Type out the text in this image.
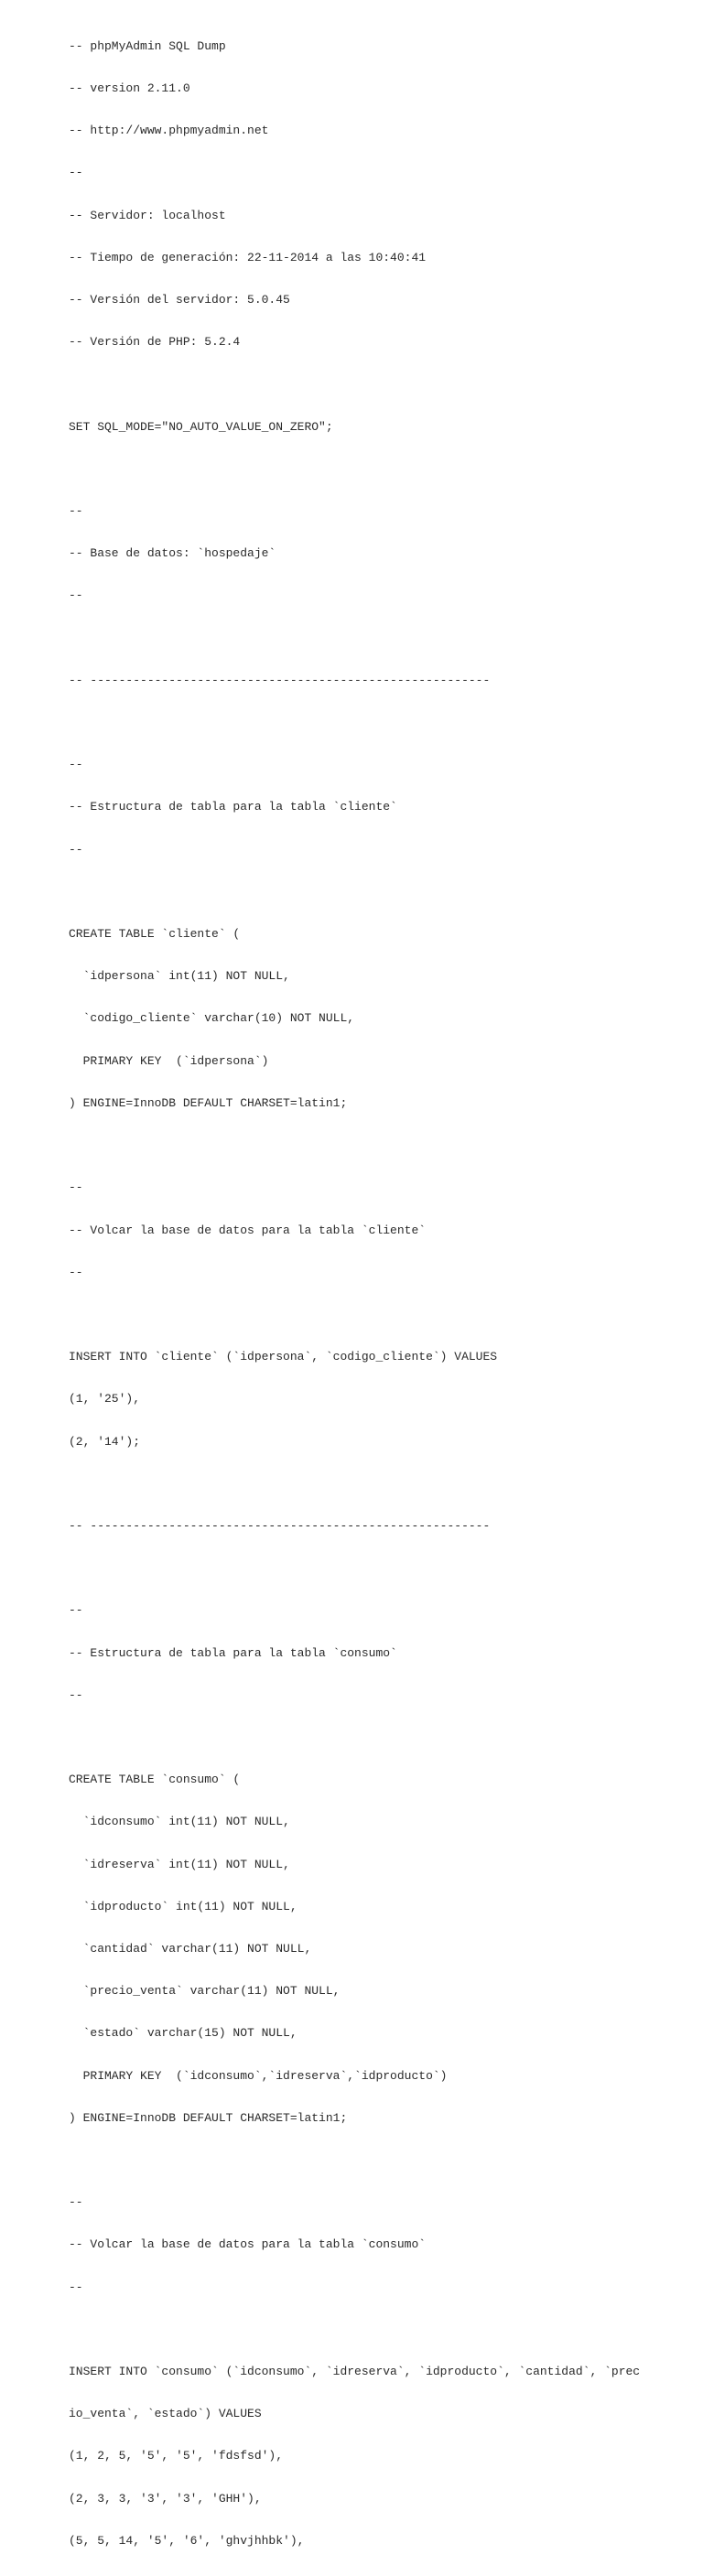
-- phpMyAdmin SQL Dump

-- version 2.11.0

-- http://www.phpmyadmin.net

--

-- Servidor: localhost

-- Tiempo de generación: 22-11-2014 a las 10:40:41

-- Versión del servidor: 5.0.45

-- Versión de PHP: 5.2.4

SET SQL_MODE="NO_AUTO_VALUE_ON_ZERO";

--

-- Base de datos: `hospedaje`

--

-- --------------------------------------------------------

--

-- Estructura de tabla para la tabla `cliente`

--

CREATE TABLE `cliente` (

`idpersona` int(11) NOT NULL,

`codigo_cliente` varchar(10) NOT NULL,

PRIMARY KEY  (`idpersona`)

) ENGINE=InnoDB DEFAULT CHARSET=latin1;

--

-- Volcar la base de datos para la tabla `cliente`

--

INSERT INTO `cliente` (`idpersona`, `codigo_cliente`) VALUES

(1, '25'),

(2, '14');

-- --------------------------------------------------------

--

-- Estructura de tabla para la tabla `consumo`

--

CREATE TABLE `consumo` (

`idconsumo` int(11) NOT NULL,

`idreserva` int(11) NOT NULL,

`idproducto` int(11) NOT NULL,

`cantidad` varchar(11) NOT NULL,

`precio_venta` varchar(11) NOT NULL,

`estado` varchar(15) NOT NULL,

PRIMARY KEY  (`idconsumo`,`idreserva`,`idproducto`)

) ENGINE=InnoDB DEFAULT CHARSET=latin1;

--

-- Volcar la base de datos para la tabla `consumo`

--

INSERT INTO `consumo` (`idconsumo`, `idreserva`, `idproducto`, `cantidad`, `prec

io_venta`, `estado`) VALUES

(1, 2, 5, '5', '5', 'fdsfsd'),

(2, 3, 3, '3', '3', 'GHH'),

(5, 5, 14, '5', '6', 'ghvjhhbk'),
